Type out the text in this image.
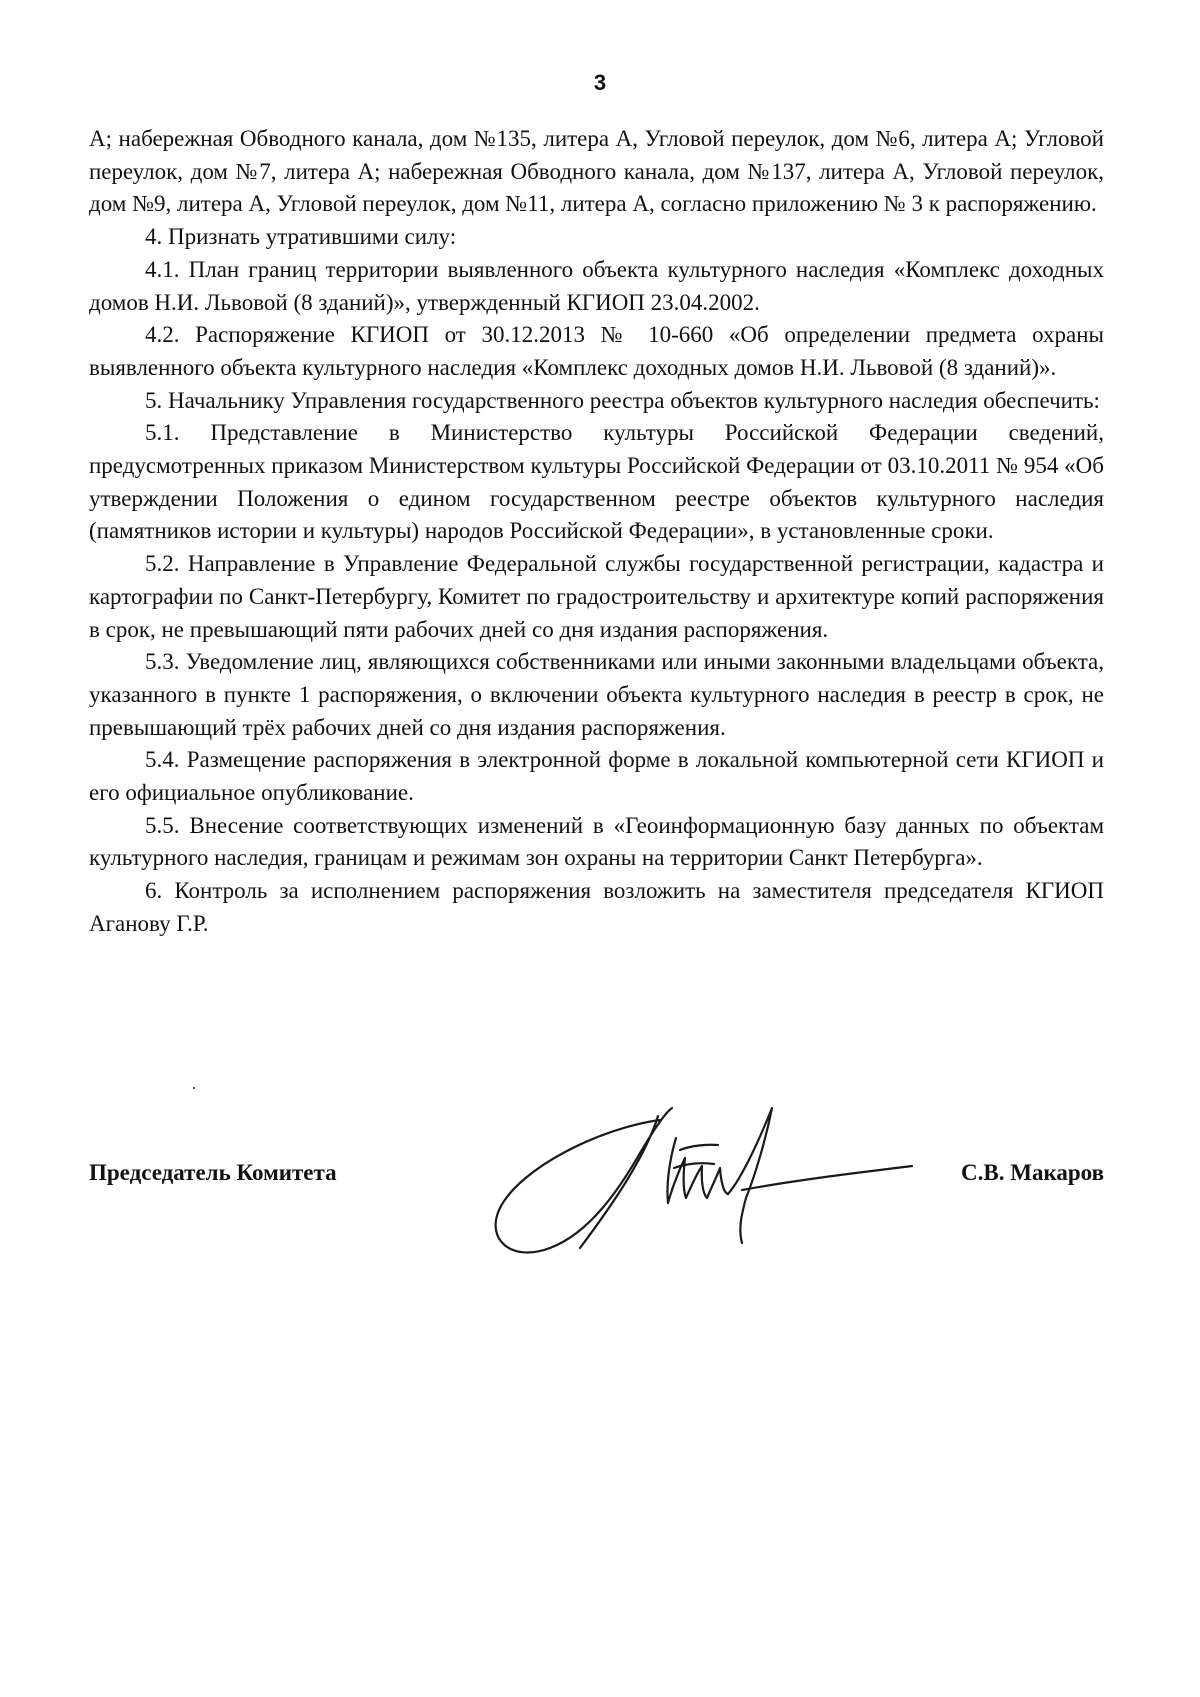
3

А; набережная Обводного канала, дом №135, литера А, Угловой переулок, дом №6, литера А; Угловой переулок, дом №7, литера А; набережная Обводного канала, дом №137, литера А, Угловой переулок, дом №9, литера А, Угловой переулок, дом №11, литера А, согласно приложению № 3 к распоряжению.

4. Признать утратившими силу:

4.1. План границ территории выявленного объекта культурного наследия «Комплекс доходных домов Н.И. Львовой (8 зданий)», утвержденный КГИОП 23.04.2002.

4.2. Распоряжение КГИОП от 30.12.2013 № 10-660 «Об определении предмета охраны выявленного объекта культурного наследия «Комплекс доходных домов Н.И. Львовой (8 зданий)».

5. Начальнику Управления государственного реестра объектов культурного наследия обеспечить:

5.1. Представление в Министерство культуры Российской Федерации сведений, предусмотренных приказом Министерством культуры Российской Федерации от 03.10.2011 № 954 «Об утверждении Положения о едином государственном реестре объектов культурного наследия (памятников истории и культуры) народов Российской Федерации», в установленные сроки.

5.2. Направление в Управление Федеральной службы государственной регистрации, кадастра и картографии по Санкт-Петербургу, Комитет по градостроительству и архитектуре копий распоряжения в срок, не превышающий пяти рабочих дней со дня издания распоряжения.

5.3. Уведомление лиц, являющихся собственниками или иными законными владельцами объекта, указанного в пункте 1 распоряжения, о включении объекта культурного наследия в реестр в срок, не превышающий трёх рабочих дней со дня издания распоряжения.

5.4. Размещение распоряжения в электронной форме в локальной компьютерной сети КГИОП и его официальное опубликование.

5.5. Внесение соответствующих изменений в «Геоинформационную базу данных по объектам культурного наследия, границам и режимам зон охраны на территории Санкт Петербурга».

6. Контроль за исполнением распоряжения возложить на заместителя председателя КГИОП Аганову Г.Р.

Председатель Комитета	С.В. Макаров
